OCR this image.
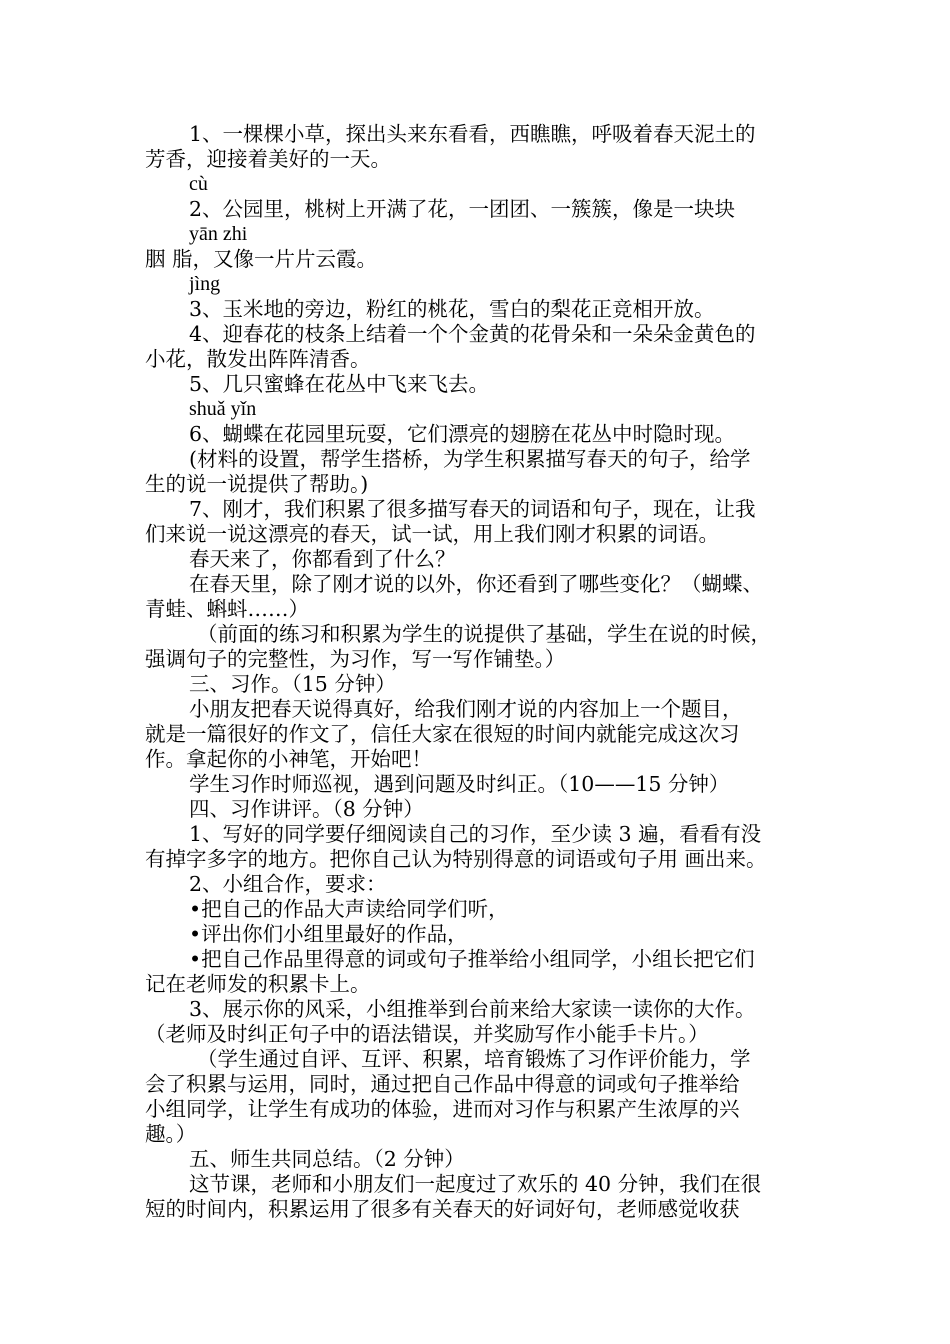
1、一棵棵小草，探出头来东看看，西瞧瞧，呼吸着春天泥土的
芳香，迎接着美好的一天。
cù
2、公园里，桃树上开满了花，一团团、一簇簇，像是一块块
yān zhi
胭 脂，又像一片片云霞。
jìng
3、玉米地的旁边，粉红的桃花，雪白的梨花正竞相开放。
4、迎春花的枝条上结着一个个金黄的花骨朵和一朵朵金黄色的
小花，散发出阵阵清香。
5、几只蜜蜂在花丛中飞来飞去。
shuǎ yǐn
6、蝴蝶在花园里玩耍，它们漂亮的翅膀在花丛中时隐时现。
(材料的设置，帮学生搭桥，为学生积累描写春天的句子，给学
生的说一说提供了帮助。)
7、刚才，我们积累了很多描写春天的词语和句子，现在，让我
们来说一说这漂亮的春天，试一试，用上我们刚才积累的词语。
春天来了，你都看到了什么？
在春天里，除了刚才说的以外，你还看到了哪些变化？（蝴蝶、
青蛙、蝌蚪……）
（前面的练习和积累为学生的说提供了基础，学生在说的时候，
强调句子的完整性，为习作，写一写作铺垫。）
三、习作。（15 分钟）
小朋友把春天说得真好，给我们刚才说的内容加上一个题目，
就是一篇很好的作文了，信任大家在很短的时间内就能完成这次习
作。拿起你的小神笔，开始吧！
学生习作时师巡视，遇到问题及时纠正。（10——15 分钟）
四、习作讲评。（8 分钟）
1、写好的同学要仔细阅读自己的习作，至少读 3 遍，看看有没
有掉字多字的地方。把你自己认为特别得意的词语或句子用 画出来。
2、小组合作，要求：
•把自己的作品大声读给同学们听，
•评出你们小组里最好的作品，
•把自己作品里得意的词或句子推举给小组同学，小组长把它们
记在老师发的积累卡上。
3、展示你的风采，小组推举到台前来给大家读一读你的大作。
（老师及时纠正句子中的语法错误，并奖励写作小能手卡片。）
（学生通过自评、互评、积累，培育锻炼了习作评价能力，学
会了积累与运用，同时，通过把自己作品中得意的词或句子推举给
小组同学，让学生有成功的体验，进而对习作与积累产生浓厚的兴
趣。）
五、师生共同总结。（2 分钟）
这节课，老师和小朋友们一起度过了欢乐的 40 分钟，我们在很
短的时间内，积累运用了很多有关春天的好词好句，老师感觉收获
